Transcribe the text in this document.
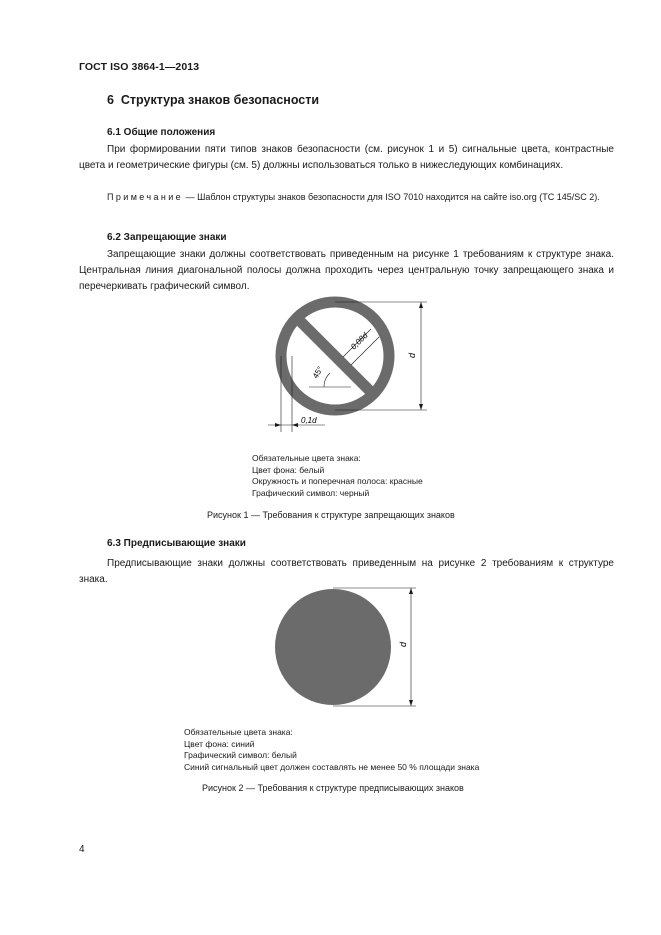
ГОСТ ISO 3864-1—2013
6 Структура знаков безопасности
6.1 Общие положения
При формировании пяти типов знаков безопасности (см. рисунок 1 и 5) сигнальные цвета, контрастные цвета и геометрические фигуры (см. 5) должны использоваться только в нижеследующих комбинациях.
Примечание — Шаблон структуры знаков безопасности для ISO 7010 находится на сайте iso.org (TC 145/SC 2).
6.2 Запрещающие знаки
Запрещающие знаки должны соответствовать приведенным на рисунке 1 требованиям к структуре знака. Центральная линия диагональной полосы должна проходить через центральную точку запрещающего знака и перечеркивать графический символ.
0,08d
45°
d
0,1d
Обязательные цвета знака:
Цвет фона: белый
Окружность и поперечная полоса: красные
Графический символ: черный
Рисунок 1 — Требования к структуре запрещающих знаков
6.3 Предписывающие знаки
Предписывающие знаки должны соответствовать приведенным на рисунке 2 требованиям к структуре знака.
d
Обязательные цвета знака:
Цвет фона: синий
Графический символ: белый
Синий сигнальный цвет должен составлять не менее 50 % площади знака
Рисунок 2 — Требования к структуре предписывающих знаков
4
